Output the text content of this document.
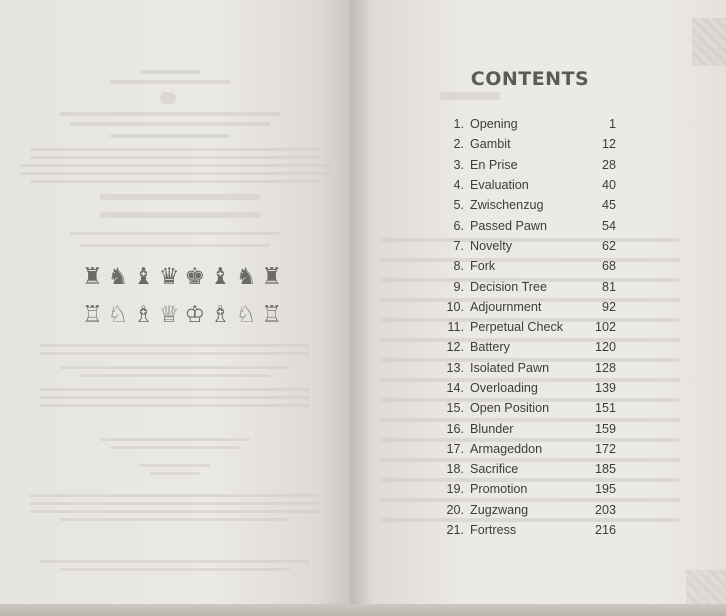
♜ ♞ ♝ ♛ ♚ ♝ ♞ ♜
♖ ♘ ♗ ♕ ♔ ♗ ♘ ♖
CONTENTS
1. Opening	1
2. Gambit	12
3. En Prise	28
4. Evaluation	40
5. Zwischenzug	45
6. Passed Pawn	54
7. Novelty	62
8. Fork	68
9. Decision Tree	81
10. Adjournment	92
11. Perpetual Check	102
12. Battery	120
13. Isolated Pawn	128
14. Overloading	139
15. Open Position	151
16. Blunder	159
17. Armageddon	172
18. Sacrifice	185
19. Promotion	195
20. Zugzwang	203
21. Fortress	216
